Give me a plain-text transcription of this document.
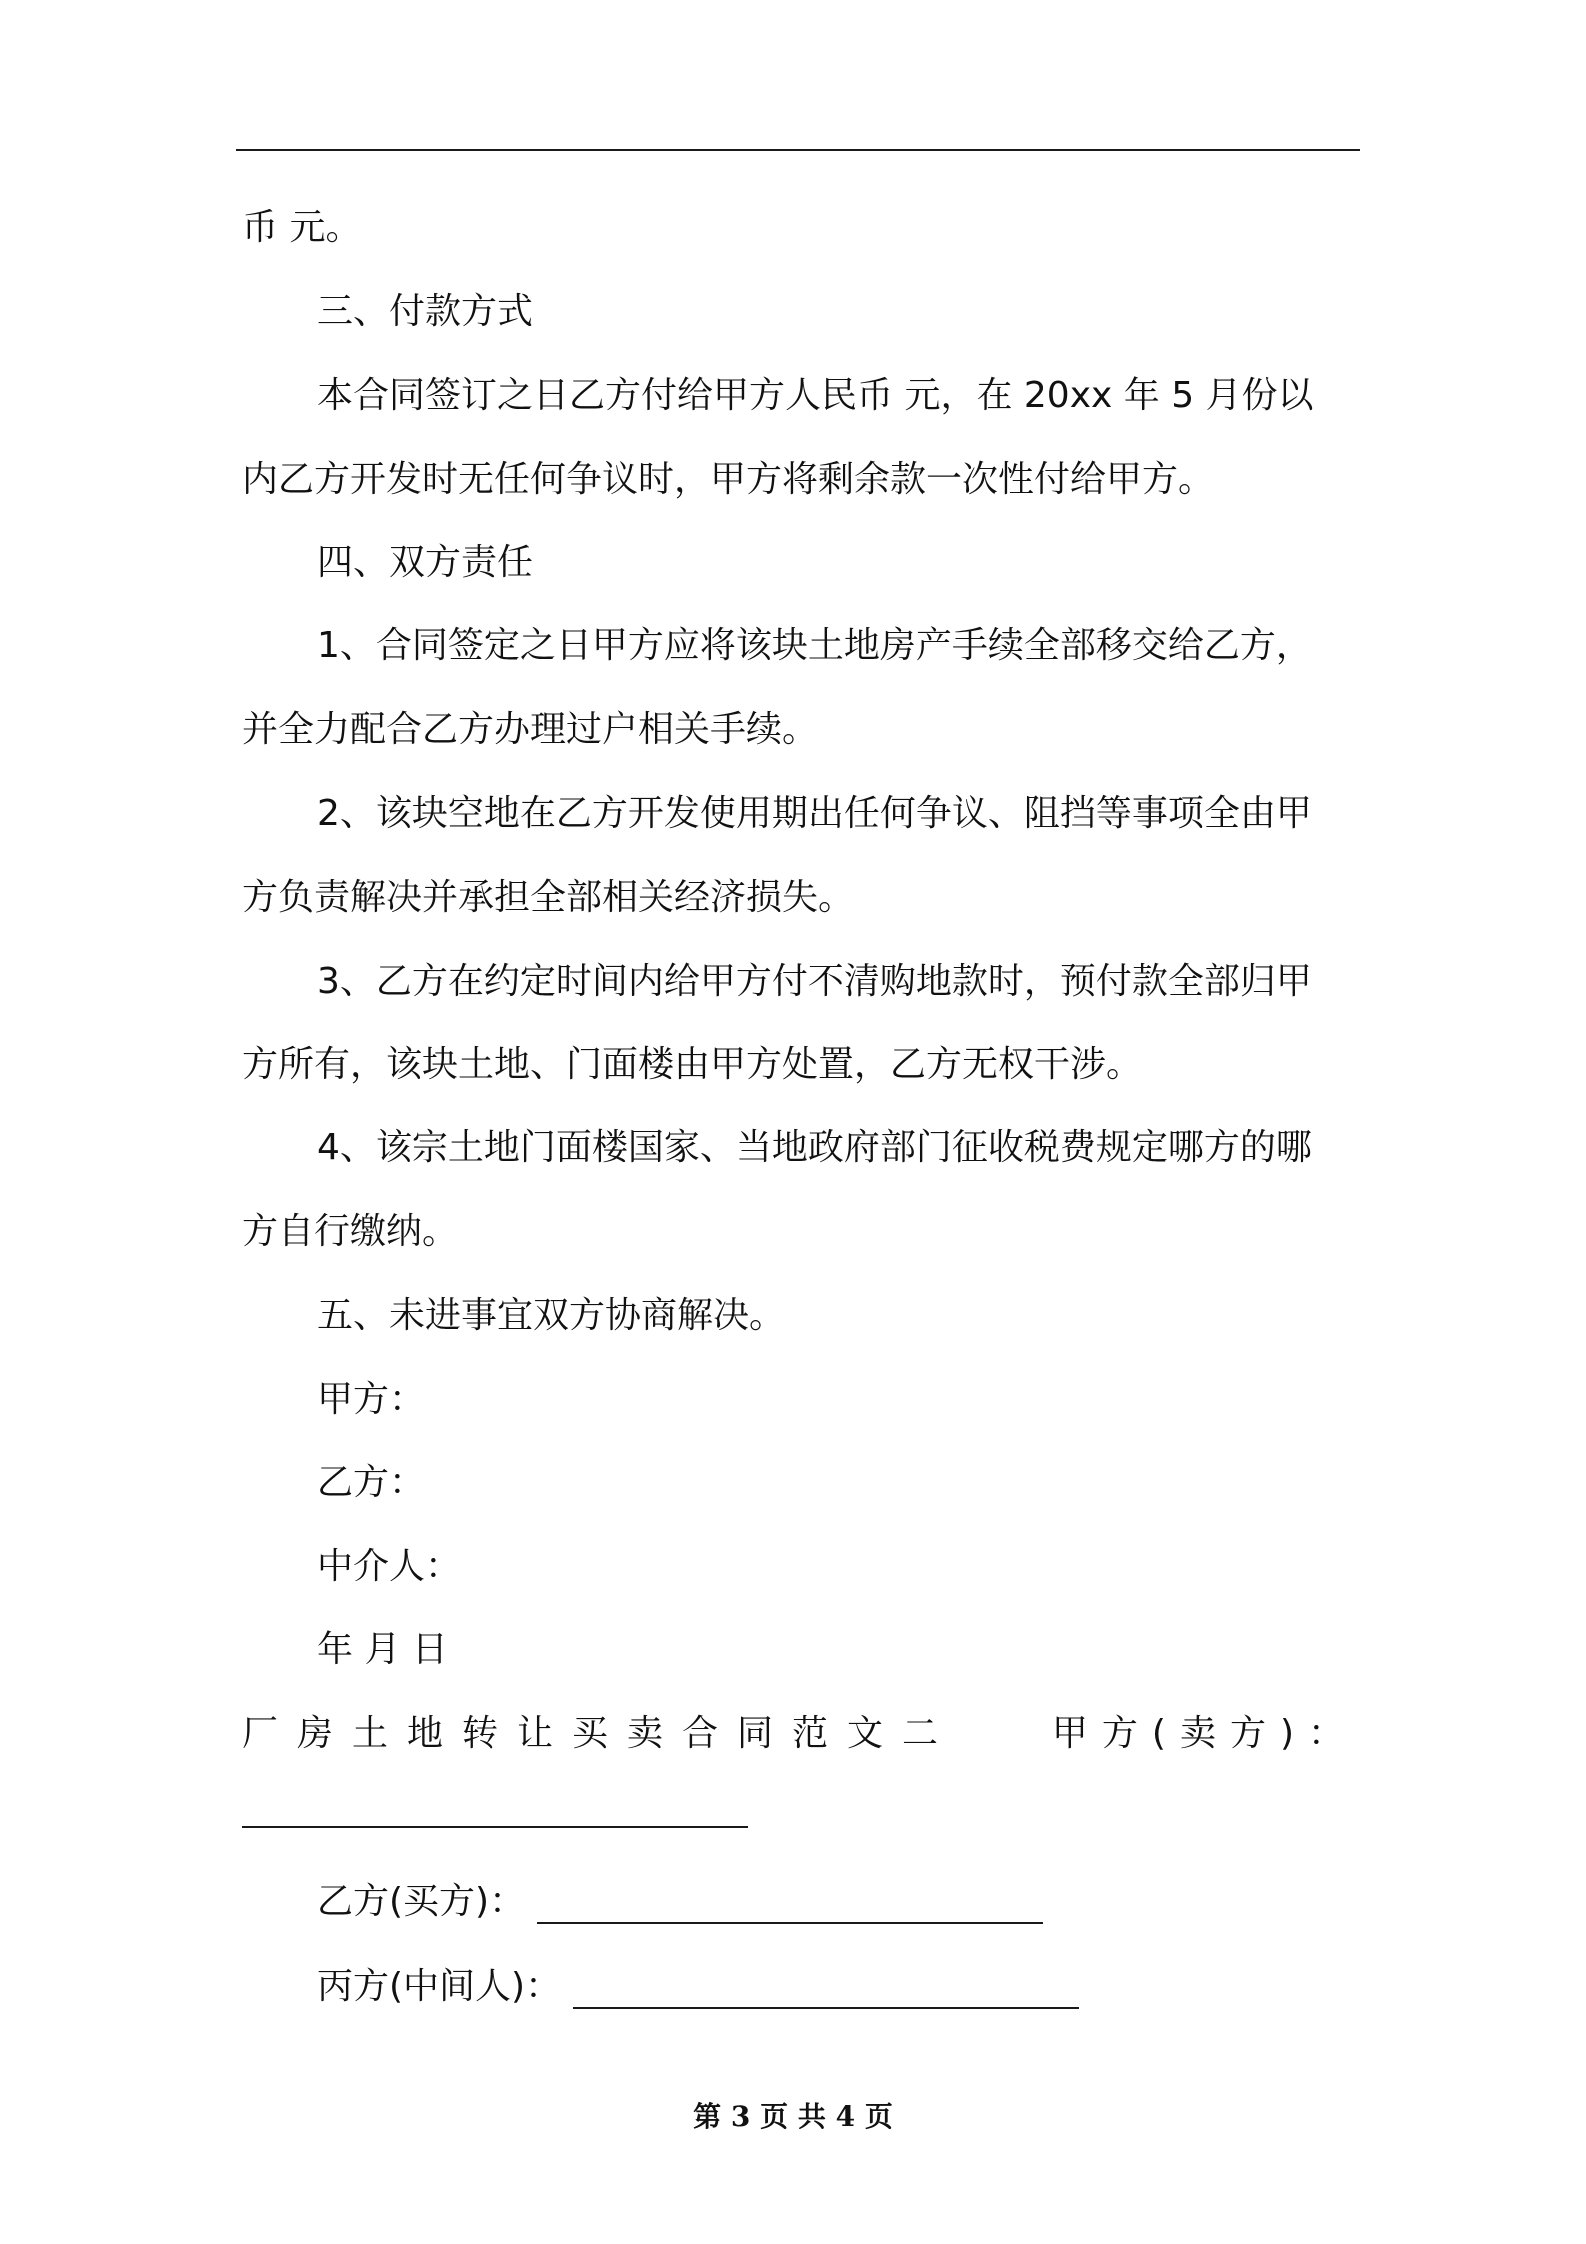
币 元。
三、付款方式
本合同签订之日乙方付给甲方人民币 元，在 20xx 年 5 月份以
内乙方开发时无任何争议时，甲方将剩余款一次性付给甲方。
四、双方责任
1、合同签定之日甲方应将该块土地房产手续全部移交给乙方，
并全力配合乙方办理过户相关手续。
2、该块空地在乙方开发使用期出任何争议、阻挡等事项全由甲
方负责解决并承担全部相关经济损失。
3、乙方在约定时间内给甲方付不清购地款时，预付款全部归甲
方所有，该块土地、门面楼由甲方处置，乙方无权干涉。
4、该宗土地门面楼国家、当地政府部门征收税费规定哪方的哪
方自行缴纳。
五、未进事宜双方协商解决。
甲方：
乙方：
中介人：
年 月 日
厂房土地转让买卖合同范文二	甲方(卖方)：
乙方(买方)：
丙方(中间人)：
第 3 页 共 4 页
